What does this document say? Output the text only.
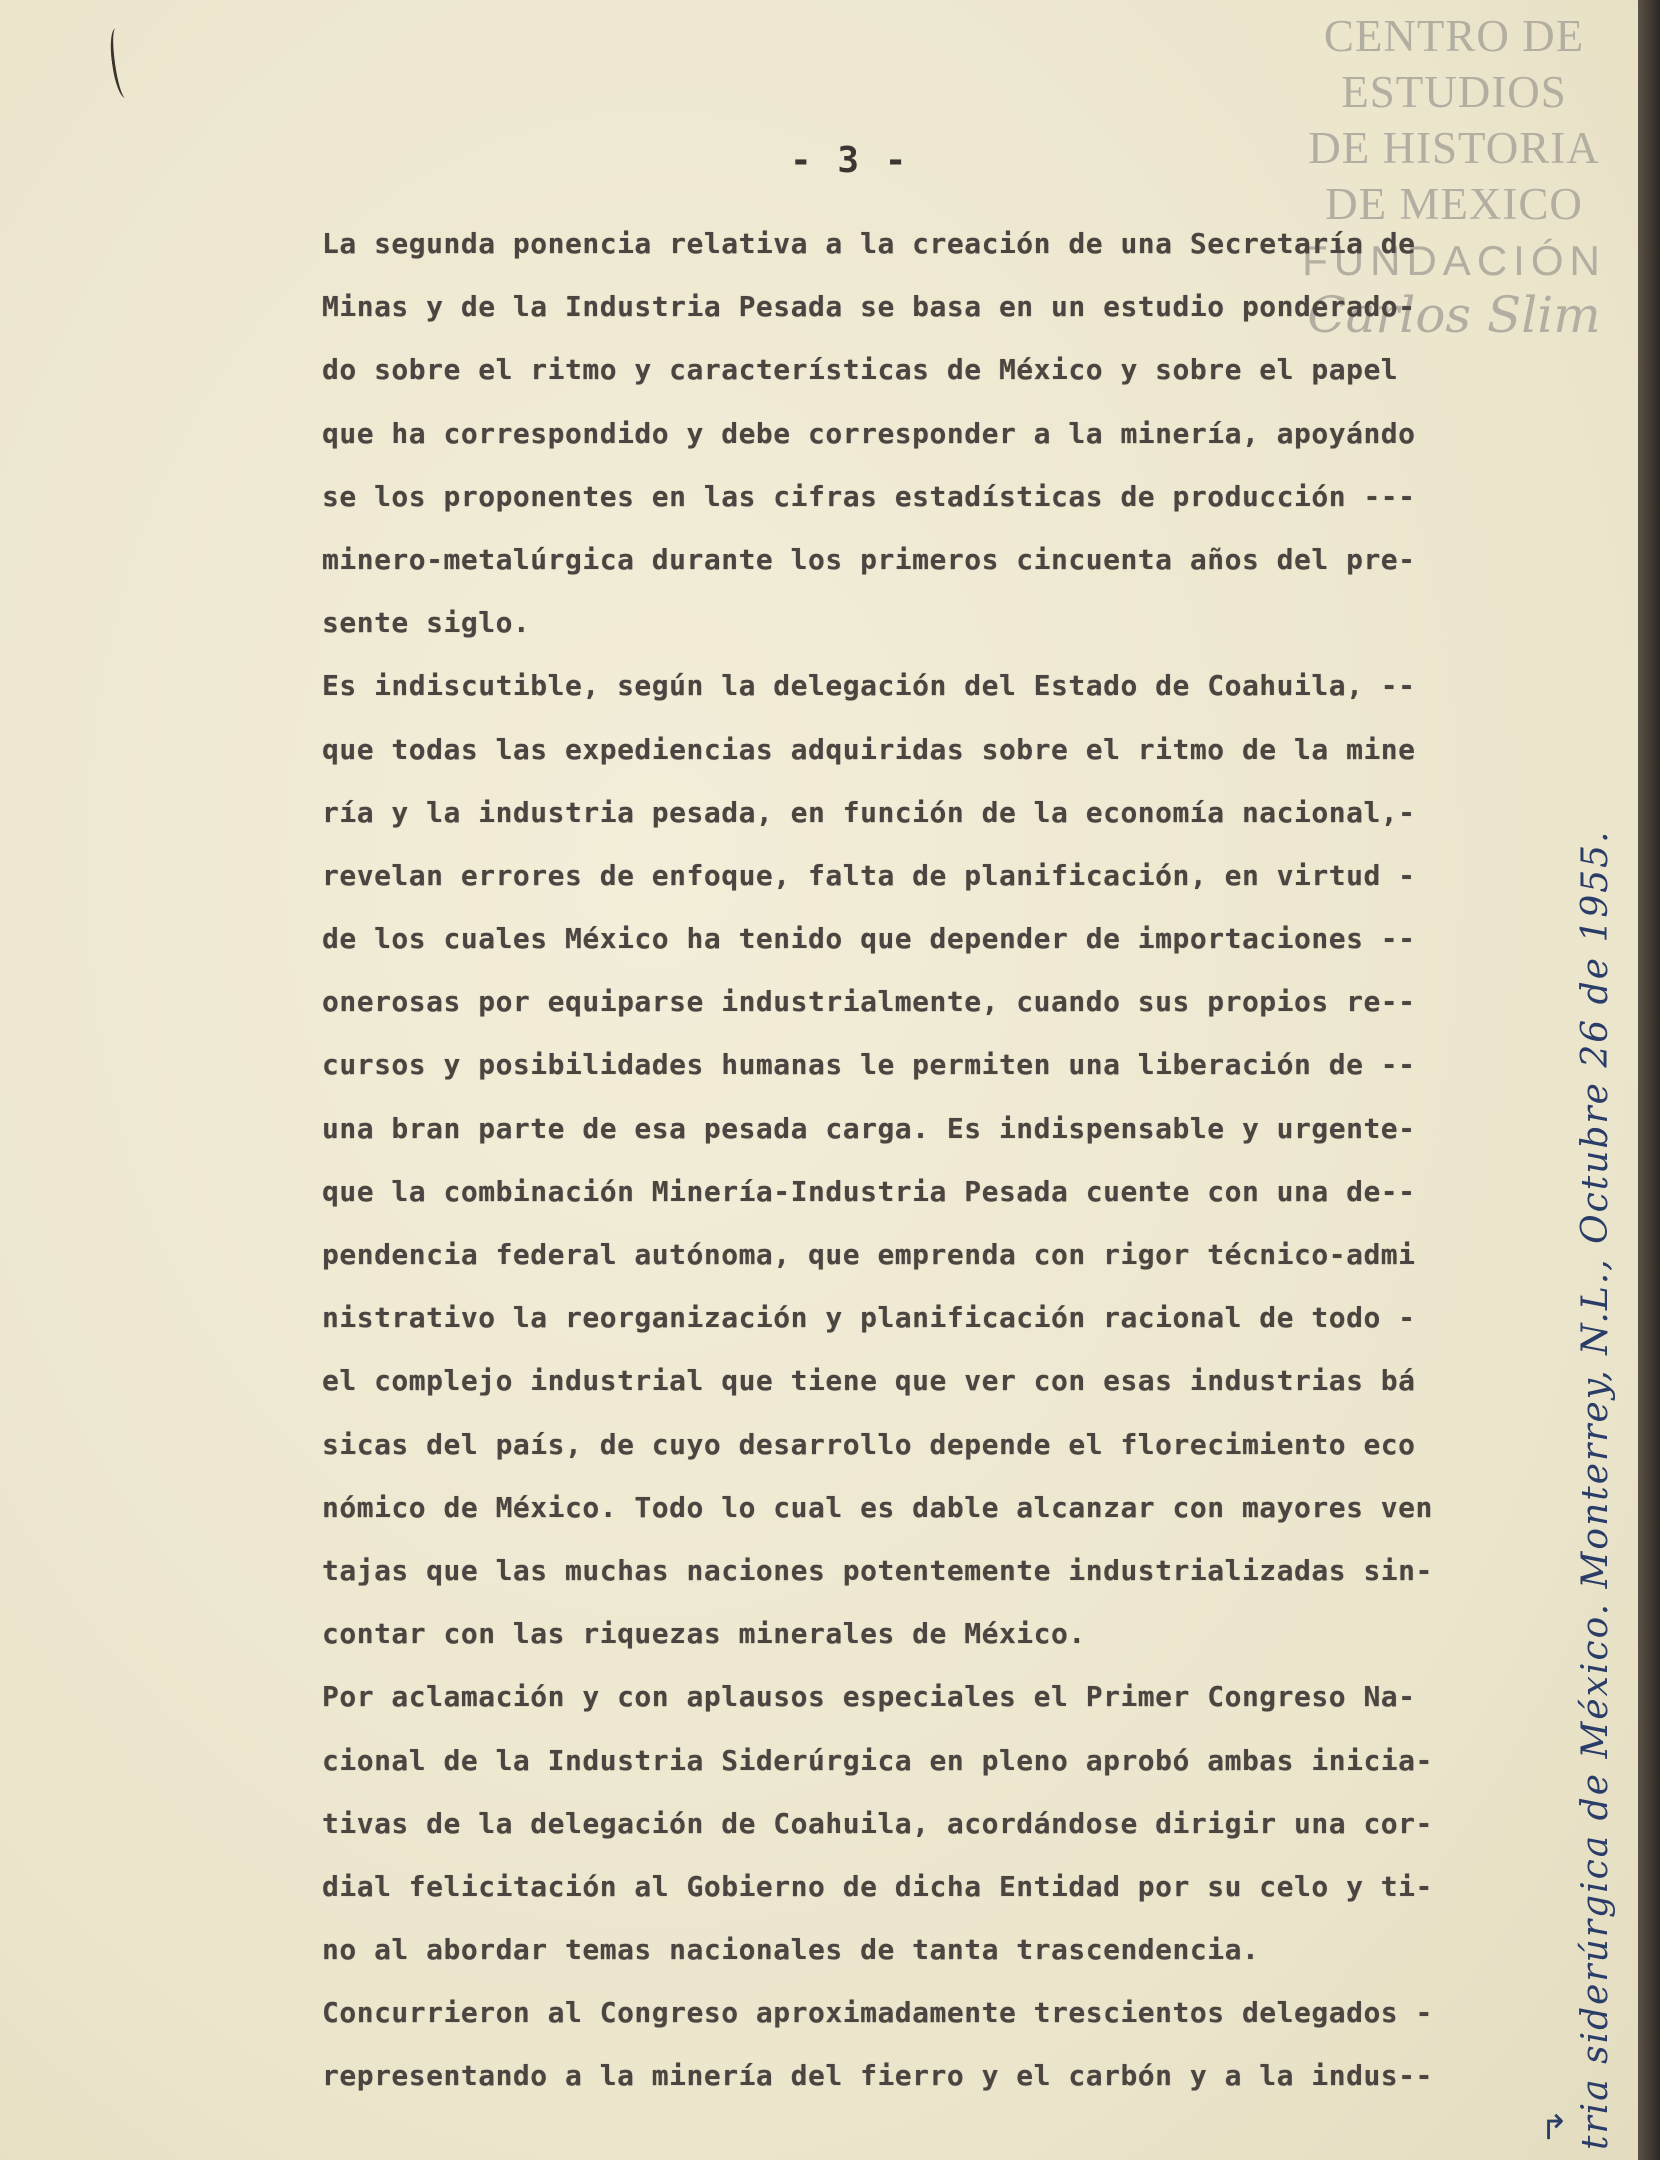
CENTRO DE
ESTUDIOS
DE HISTORIA
DE MEXICO
FUNDACIÓN
Carlos Slim
- 3 -
La segunda ponencia relativa a la creación de una Secretaría de
Minas y de la Industria Pesada se basa en un estudio ponderado-
do sobre el ritmo y características de México y sobre el papel
que ha correspondido y debe corresponder a la minería, apoyándo
se los proponentes en las cifras estadísticas de producción ---
minero-metalúrgica durante los primeros cincuenta años del pre-
sente siglo.
Es indiscutible, según la delegación del Estado de Coahuila, --
que todas las expediencias adquiridas sobre el ritmo de la mine
ría y la industria pesada, en función de la economía nacional,-
revelan errores de enfoque, falta de planificación, en virtud -
de los cuales México ha tenido que depender de importaciones --
onerosas por equiparse industrialmente, cuando sus propios re--
cursos y posibilidades humanas le permiten una liberación de --
una bran parte de esa pesada carga. Es indispensable y urgente-
que la combinación Minería-Industria Pesada cuente con una de--
pendencia federal autónoma, que emprenda con rigor técnico-admi
nistrativo la reorganización y planificación racional de todo -
el complejo industrial que tiene que ver con esas industrias bá
sicas del país, de cuyo desarrollo depende el florecimiento eco
nómico de México. Todo lo cual es dable alcanzar con mayores ven
tajas que las muchas naciones potentemente industrializadas sin-
contar con las riquezas minerales de México.
Por aclamación y con aplausos especiales el Primer Congreso Na-
cional de la Industria Siderúrgica en pleno aprobó ambas inicia-
tivas de la delegación de Coahuila, acordándose dirigir una cor-
dial felicitación al Gobierno de dicha Entidad por su celo y ti-
no al abordar temas nacionales de tanta trascendencia.
Concurrieron al Congreso aproximadamente trescientos delegados -
representando a la minería del fierro y el carbón y a la indus--
↱ tria siderúrgica de México. Monterrey, N.L., Octubre 26 de 1955.
